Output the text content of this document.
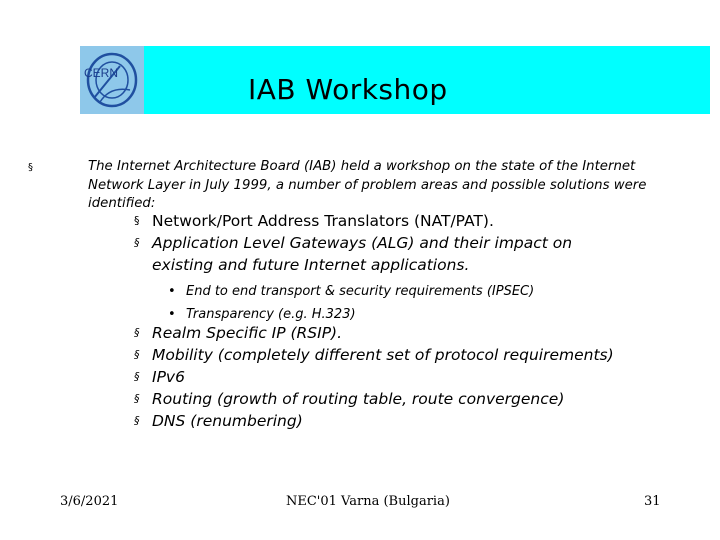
CERN	IAB Workshop
§	The Internet Architecture Board (IAB) held a workshop on the state of the Internet Network Layer in July 1999, a number of problem areas and possible solutions were identified:
§ Network/Port Address Translators (NAT/PAT).
§ Application Level Gateways (ALG) and their impact on existing and future Internet applications.
• End to end transport & security requirements (IPSEC)
• Transparency (e.g. H.323)
§ Realm Specific IP (RSIP).
§ Mobility (completely different set of protocol requirements)
§ IPv6
§ Routing (growth of routing table, route convergence)
§ DNS (renumbering)
3/6/2021	NEC'01 Varna (Bulgaria)	31
